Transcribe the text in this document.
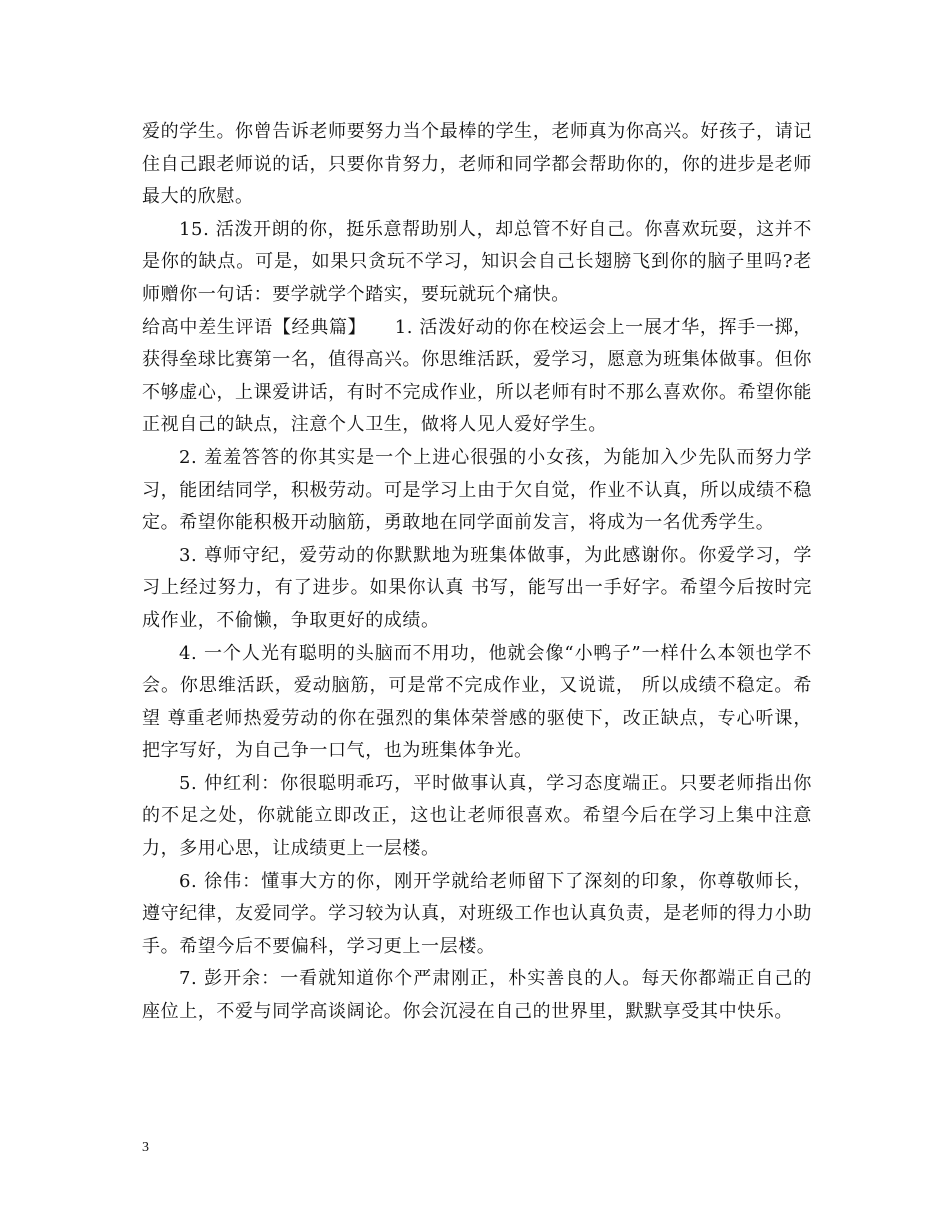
爱的学生。你曾告诉老师要努力当个最棒的学生，老师真为你高兴。好孩子，请记住自己跟老师说的话，只要你肯努力，老师和同学都会帮助你的，你的进步是老师最大的欣慰。

15. 活泼开朗的你，挺乐意帮助别人，却总管不好自己。你喜欢玩耍，这并不是你的缺点。可是，如果只贪玩不学习，知识会自己长翅膀飞到你的脑子里吗?老师赠你一句话：要学就学个踏实，要玩就玩个痛快。

给高中差生评语【经典篇】　　1. 活泼好动的你在校运会上一展才华，挥手一掷，获得垒球比赛第一名，值得高兴。你思维活跃，爱学习，愿意为班集体做事。但你不够虚心，上课爱讲话，有时不完成作业，所以老师有时不那么喜欢你。希望你能正视自己的缺点，注意个人卫生，做将人见人爱好学生。

2. 羞羞答答的你其实是一个上进心很强的小女孩，为能加入少先队而努力学习，能团结同学，积极劳动。可是学习上由于欠自觉，作业不认真，所以成绩不稳定。希望你能积极开动脑筋，勇敢地在同学面前发言，将成为一名优秀学生。

3. 尊师守纪，爱劳动的你默默地为班集体做事，为此感谢你。你爱学习，学习上经过努力，有了进步。如果你认真 书写，能写出一手好字。希望今后按时完成作业，不偷懒，争取更好的成绩。

4. 一个人光有聪明的头脑而不用功，他就会像“小鸭子”一样什么本领也学不会。你思维活跃，爱动脑筋，可是常不完成作业，又说谎， 所以成绩不稳定。希望 尊重老师热爱劳动的你在强烈的集体荣誉感的驱使下，改正缺点，专心听课，把字写好，为自己争一口气，也为班集体争光。

5. 仲红利：你很聪明乖巧，平时做事认真，学习态度端正。只要老师指出你的不足之处，你就能立即改正，这也让老师很喜欢。希望今后在学习上集中注意力，多用心思，让成绩更上一层楼。

6. 徐伟：懂事大方的你，刚开学就给老师留下了深刻的印象，你尊敬师长，遵守纪律，友爱同学。学习较为认真，对班级工作也认真负责，是老师的得力小助手。希望今后不要偏科，学习更上一层楼。

7. 彭开余：一看就知道你个严肃刚正，朴实善良的人。每天你都端正自己的座位上，不爱与同学高谈阔论。你会沉浸在自己的世界里，默默享受其中快乐。

3
